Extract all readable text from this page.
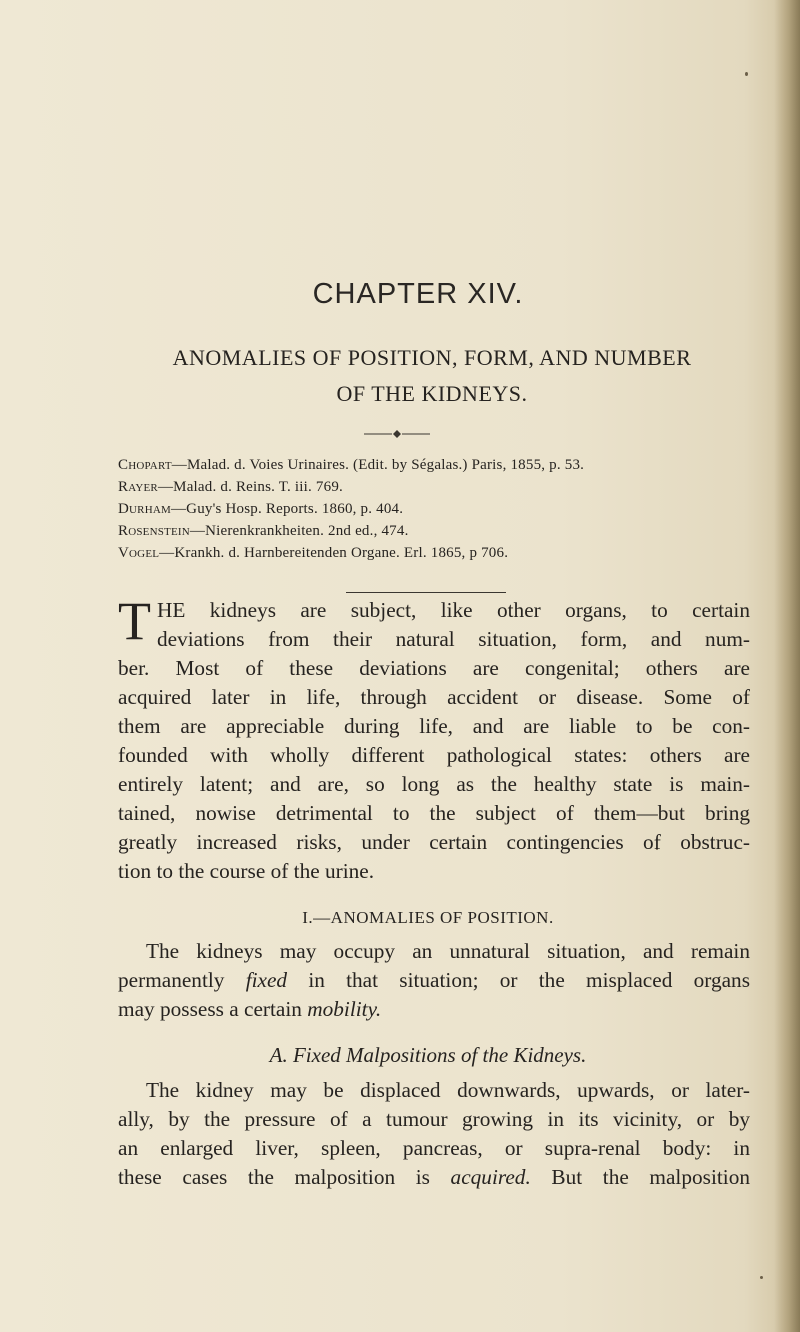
CHAPTER XIV.
ANOMALIES OF POSITION, FORM, AND NUMBER
OF THE KIDNEYS.
Chopart—Malad. d. Voies Urinaires. (Edit. by Ségalas.) Paris, 1855, p. 53.
Rayer—Malad. d. Reins. T. iii. 769.
Durham—Guy's Hosp. Reports. 1860, p. 404.
Rosenstein—Nierenkrankheiten. 2nd ed., 474.
Vogel—Krankh. d. Harnbereitenden Organe. Erl. 1865, p 706.
T HE kidneys are subject, like other organs, to certain
deviations from their natural situation, form, and num-
ber. Most of these deviations are congenital; others are
acquired later in life, through accident or disease. Some of
them are appreciable during life, and are liable to be con-
founded with wholly different pathological states: others are
entirely latent; and are, so long as the healthy state is main-
tained, nowise detrimental to the subject of them—but bring
greatly increased risks, under certain contingencies of obstruc-
tion to the course of the urine.
I.—ANOMALIES OF POSITION.
The kidneys may occupy an unnatural situation, and remain
permanently fixed in that situation; or the misplaced organs
may possess a certain mobility.
A. Fixed Malpositions of the Kidneys.
The kidney may be displaced downwards, upwards, or later-
ally, by the pressure of a tumour growing in its vicinity, or by
an enlarged liver, spleen, pancreas, or supra-renal body: in
these cases the malposition is acquired. But the malposition
